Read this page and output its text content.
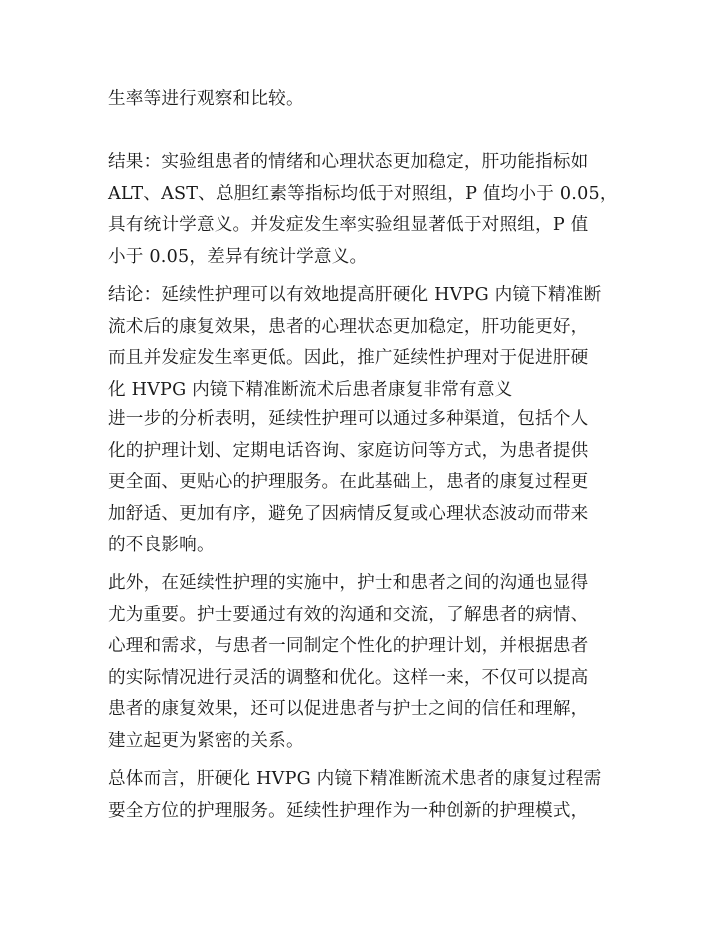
生率等进行观察和比较。
结果：实验组患者的情绪和心理状态更加稳定，肝功能指标如
ALT、AST、总胆红素等指标均低于对照组，P 值均小于 0.05，
具有统计学意义。并发症发生率实验组显著低于对照组，P 值
小于 0.05，差异有统计学意义。
结论：延续性护理可以有效地提高肝硬化 HVPG 内镜下精准断
流术后的康复效果，患者的心理状态更加稳定，肝功能更好，
而且并发症发生率更低。因此，推广延续性护理对于促进肝硬
化 HVPG 内镜下精准断流术后患者康复非常有意义
进一步的分析表明，延续性护理可以通过多种渠道，包括个人
化的护理计划、定期电话咨询、家庭访问等方式，为患者提供
更全面、更贴心的护理服务。在此基础上，患者的康复过程更
加舒适、更加有序，避免了因病情反复或心理状态波动而带来
的不良影响。
此外，在延续性护理的实施中，护士和患者之间的沟通也显得
尤为重要。护士要通过有效的沟通和交流，了解患者的病情、
心理和需求，与患者一同制定个性化的护理计划，并根据患者
的实际情况进行灵活的调整和优化。这样一来，不仅可以提高
患者的康复效果，还可以促进患者与护士之间的信任和理解，
建立起更为紧密的关系。
总体而言，肝硬化 HVPG 内镜下精准断流术患者的康复过程需
要全方位的护理服务。延续性护理作为一种创新的护理模式，
